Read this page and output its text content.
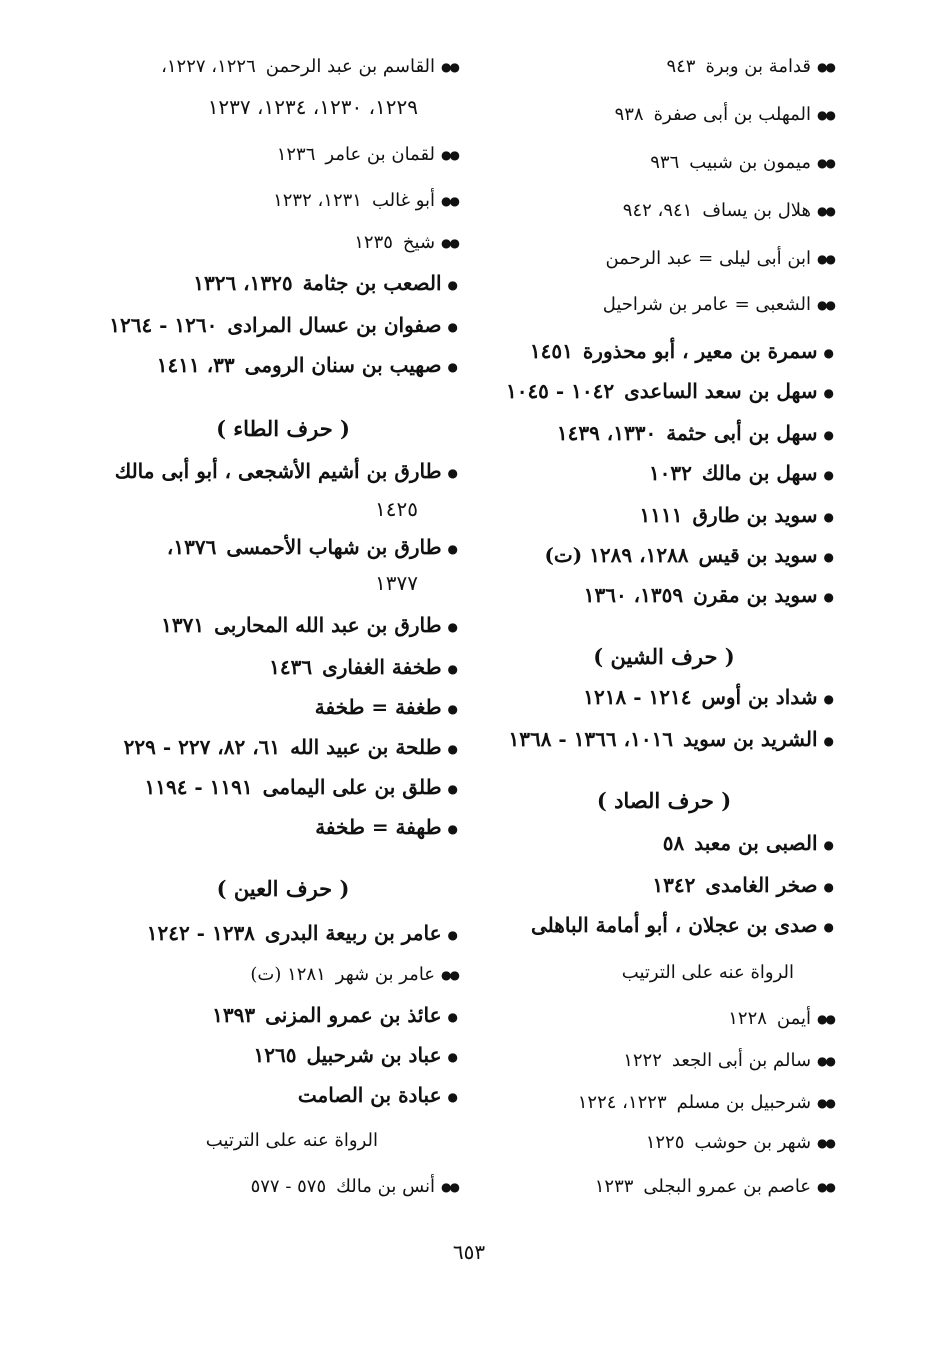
●●قدامة بن وبرة٩٤٣
●●المهلب بن أبى صفرة٩٣٨
●●ميمون بن شبيب٩٣٦
●●هلال بن يساف٩٤١، ٩٤٢
●●ابن أبى ليلى = عبد الرحمن
●●الشعبى = عامر بن شراحيل
●سمرة بن معير ، أبو محذورة١٤٥١
●سهل بن سعد الساعدى١٠٤٢ - ١٠٤٥
●سهل بن أبى حثمة١٣٣٠، ١٤٣٩
●سهل بن مالك١٠٣٢
●سويد بن طارق١١١١
●سويد بن قيس١٢٨٨، ١٢٨٩ (ت)
●سويد بن مقرن١٣٥٩، ١٣٦٠
( حرف الشين )
●شداد بن أوس١٢١٤ - ١٢١٨
●الشريد بن سويد١٠١٦، ١٣٦٦ - ١٣٦٨
( حرف الصاد )
●الصبى بن معبد٥٨
●صخر الغامدى١٣٤٢
●صدى بن عجلان ، أبو أمامة الباهلى
الرواة عنه على الترتيب
●●أيمن١٢٢٨
●●سالم بن أبى الجعد١٢٢٢
●●شرحبيل بن مسلم١٢٢٣، ١٢٢٤
●●شهر بن حوشب١٢٢٥
●●عاصم بن عمرو البجلى١٢٣٣
●●القاسم بن عبد الرحمن١٢٢٦، ١٢٢٧،
١٢٢٩، ١٢٣٠، ١٢٣٤، ١٢٣٧
●●لقمان بن عامر١٢٣٦
●●أبو غالب١٢٣١، ١٢٣٢
●●شيخ١٢٣٥
●الصعب بن جثامة١٣٢٥، ١٣٢٦
●صفوان بن عسال المرادى١٢٦٠ - ١٢٦٤
●صهيب بن سنان الرومى٣٣، ١٤١١
( حرف الطاء )
●طارق بن أشيم الأشجعى ، أبو أبى مالك
١٤٢٥
●طارق بن شهاب الأحمسى١٣٧٦،
١٣٧٧
●طارق بن عبد الله المحاربى١٣٧١
●طخفة الغفارى١٤٣٦
●طغفة = طخفة
●طلحة بن عبيد الله٦١، ٨٢، ٢٢٧ - ٢٢٩
●طلق بن على اليمامى١١٩١ - ١١٩٤
●طهفة = طخفة
( حرف العين )
●عامر بن ربيعة البدرى١٢٣٨ - ١٢٤٢
●●عامر بن شهر١٢٨١ (ت)
●عائذ بن عمرو المزنى١٣٩٣
●عباد بن شرحبيل١٢٦٥
●عبادة بن الصامت
الرواة عنه على الترتيب
●●أنس بن مالك٥٧٥ - ٥٧٧
٦٥٣
